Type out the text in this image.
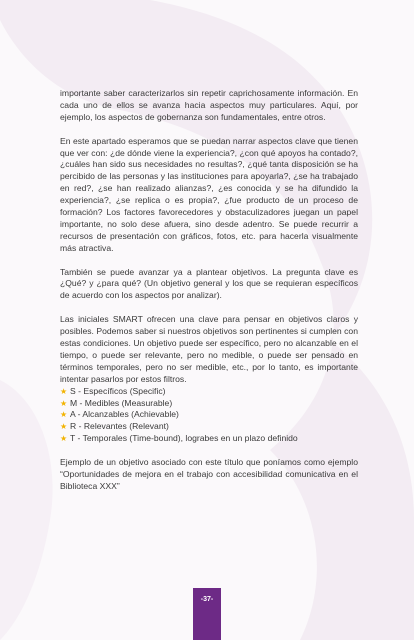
importante saber caracterizarlos sin repetir caprichosamente información. En cada uno de ellos se avanza hacia aspectos muy particulares. Aquí, por ejemplo, los aspectos de gobernanza son fundamentales, entre otros.

En este apartado esperamos que se puedan narrar aspectos clave que tienen que ver con: ¿de dónde viene la experiencia?, ¿con qué apoyos ha contado?, ¿cuáles han sido sus necesidades no resultas?, ¿qué tanta disposición se ha percibido de las personas y las instituciones para apoyarla?, ¿se ha trabajado en red?, ¿se han realizado alianzas?, ¿es conocida y se ha difundido la experiencia?, ¿se replica o es propia?, ¿fue producto de un proceso de formación? Los factores favorecedores y obstaculizadores juegan un papel importante, no solo dese afuera, sino desde adentro. Se puede recurrir a recursos de presentación con gráficos, fotos, etc. para hacerla visualmente más atractiva.

También se puede avanzar ya a plantear objetivos. La pregunta clave es ¿Qué? y ¿para qué? (Un objetivo general y los que se requieran específicos de acuerdo con los aspectos por analizar).

Las iniciales SMART ofrecen una clave para pensar en objetivos claros y posibles. Podemos saber si nuestros objetivos son pertinentes si cumplen con estas condiciones. Un objetivo puede ser específico, pero no alcanzable en el tiempo, o puede ser relevante, pero no medible, o puede ser pensado en términos temporales, pero no ser medible, etc., por lo tanto, es importante intentar pasarlos por estos filtros.
★ S - Específicos (Specific)
★ M - Medibles (Measurable)
★ A - Alcanzables (Achievable)
★ R - Relevantes (Relevant)
★ T - Temporales (Time-bound), lograbes en un plazo definido

Ejemplo de un objetivo asociado con este título que poníamos como ejemplo “Oportunidades de mejora en el trabajo con accesibilidad comunicativa en el Biblioteca XXX”

-37-
